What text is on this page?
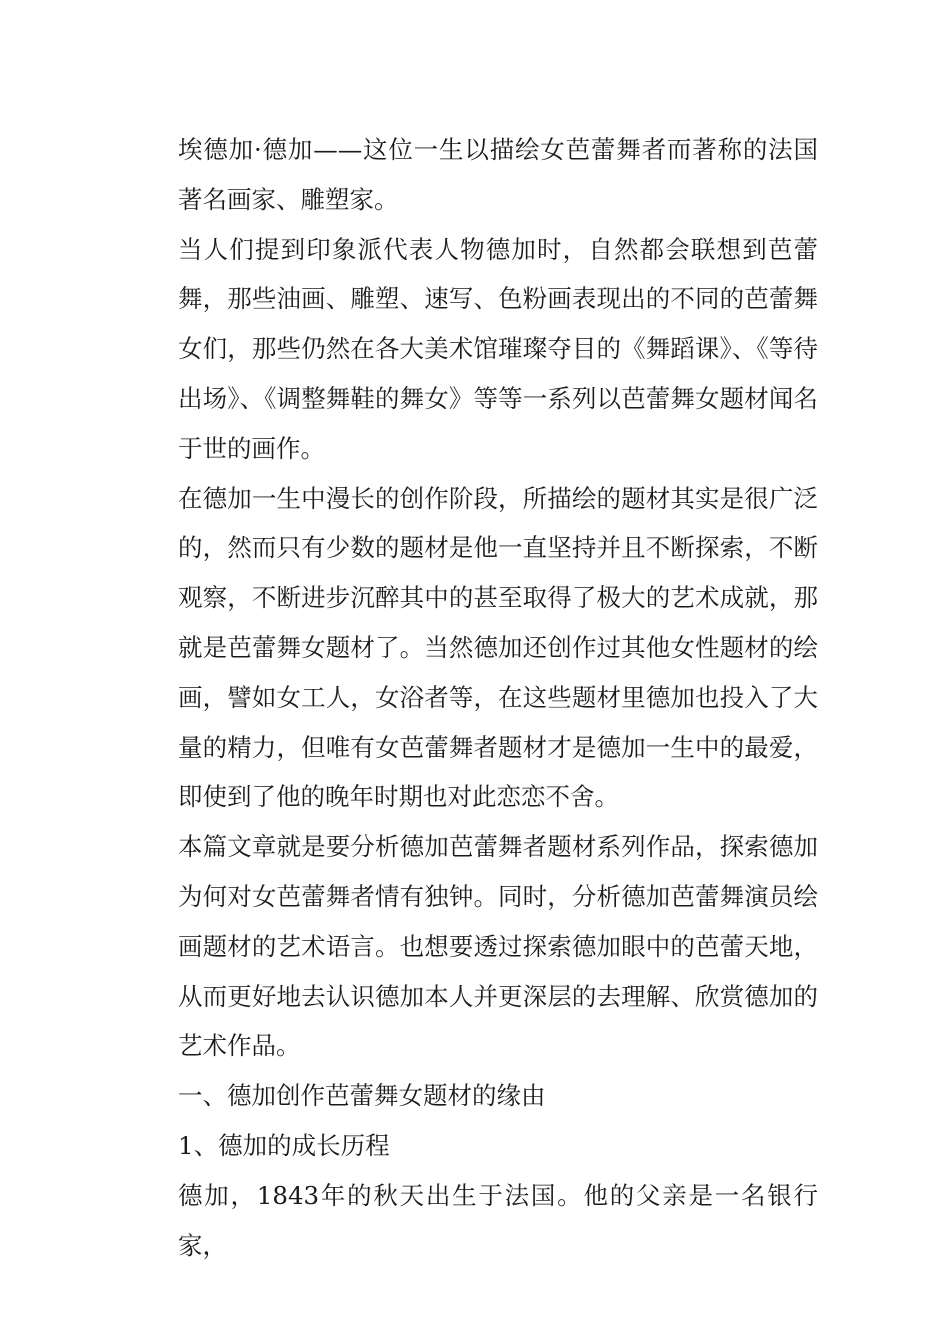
埃德加·德加——这位一生以描绘女芭蕾舞者而著称的法国著名画家、雕塑家。

当人们提到印象派代表人物德加时，自然都会联想到芭蕾舞，那些油画、雕塑、速写、色粉画表现出的不同的芭蕾舞女们，那些仍然在各大美术馆璀璨夺目的《舞蹈课》、《等待出场》、《调整舞鞋的舞女》等等一系列以芭蕾舞女题材闻名于世的画作。

在德加一生中漫长的创作阶段，所描绘的题材其实是很广泛的，然而只有少数的题材是他一直坚持并且不断探索，不断观察，不断进步沉醉其中的甚至取得了极大的艺术成就，那就是芭蕾舞女题材了。当然德加还创作过其他女性题材的绘画，譬如女工人，女浴者等，在这些题材里德加也投入了大量的精力，但唯有女芭蕾舞者题材才是德加一生中的最爱，即使到了他的晚年时期也对此恋恋不舍。

本篇文章就是要分析德加芭蕾舞者题材系列作品，探索德加为何对女芭蕾舞者情有独钟。同时，分析德加芭蕾舞演员绘画题材的艺术语言。也想要透过探索德加眼中的芭蕾天地，从而更好地去认识德加本人并更深层的去理解、欣赏德加的艺术作品。

一、德加创作芭蕾舞女题材的缘由

1、德加的成长历程

德加，1843年的秋天出生于法国。他的父亲是一名银行家，
